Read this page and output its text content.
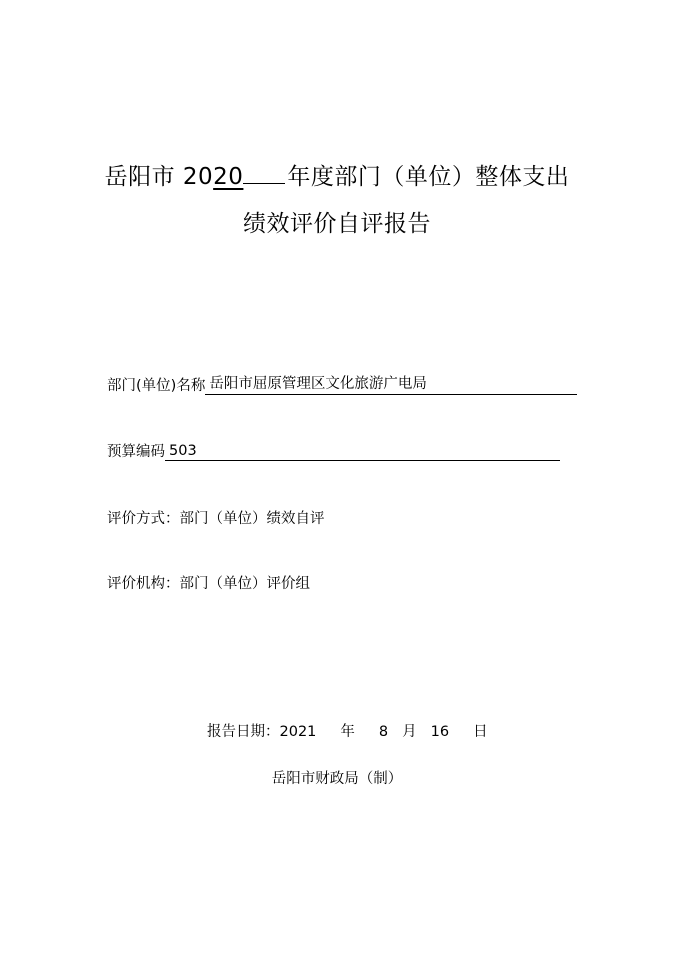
岳阳市 2020 年度部门（单位）整体支出
绩效评价自评报告
部门(单位)名称 岳阳市屈原管理区文化旅游广电局
预算编码 503
评价方式： 部门（单位）绩效自评
评价机构： 部门（单位）评价组
报告日期：2021 年 8 月 16 日
岳阳市财政局（制）
